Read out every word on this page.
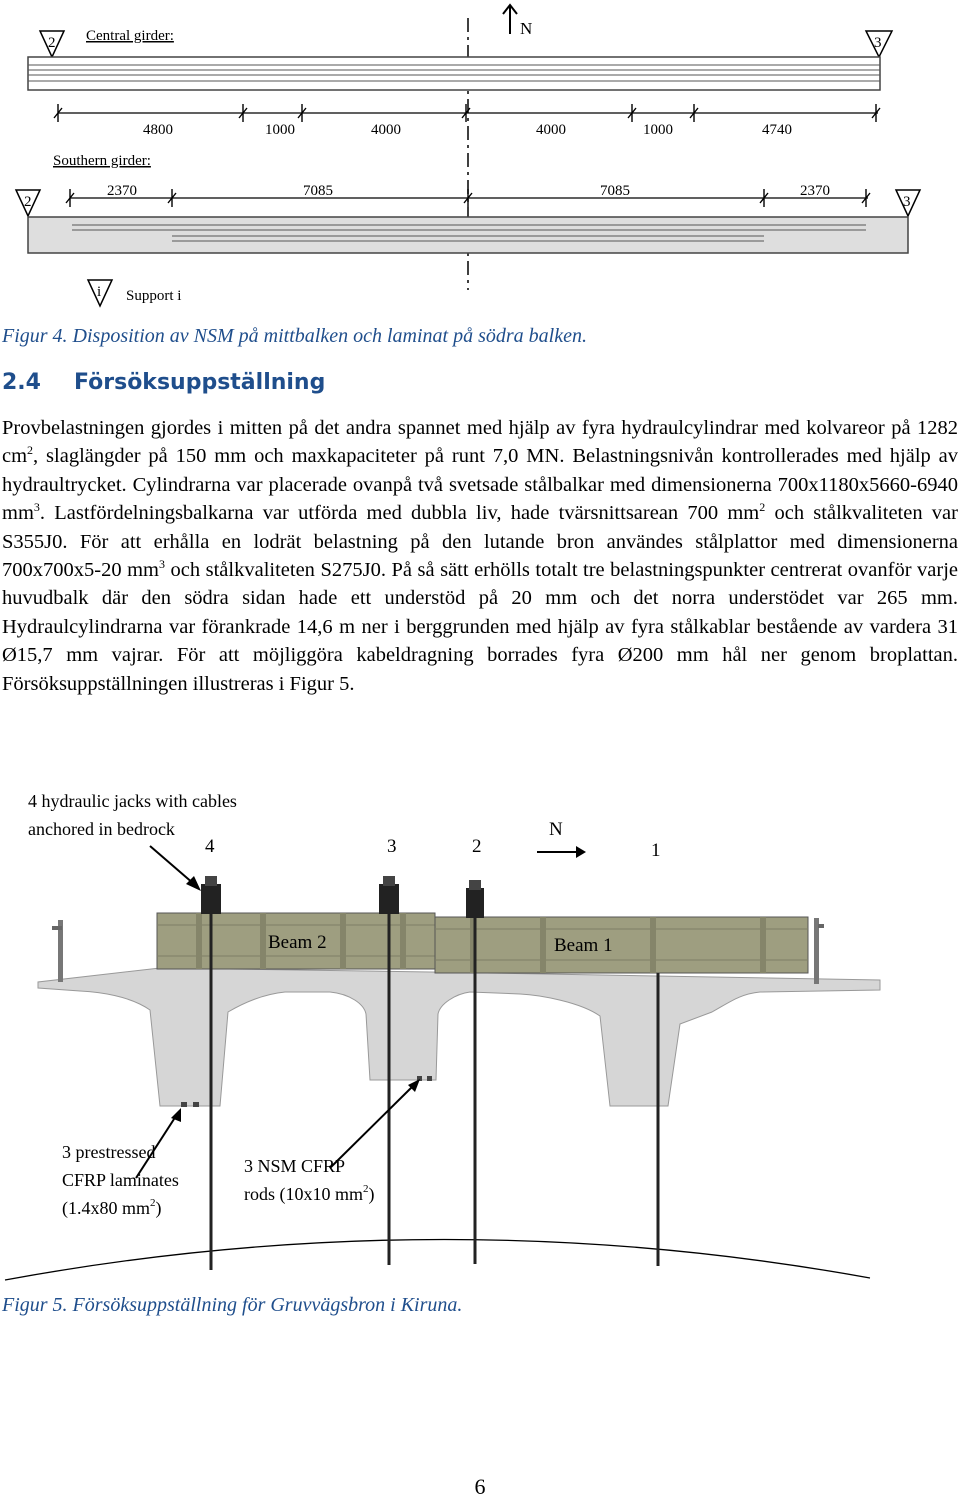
N
2 Central girder:	3
4800	1000	4000	4000	1000	4740
Southern girder:
2370	7085	7085	2370
2	3
i Support i
Figur 4. Disposition av NSM på mittbalken och laminat på södra balken.
2.4 Försöksuppställning

Provbelastningen gjordes i mitten på det andra spannet med hjälp av fyra hydraulcylindrar med kolvareor på 1282 $cm^2$, slaglängder på 150 mm och maxkapaciteter på runt 7,0 MN. Belastningsnivån kontrollerades med hjälp av hydraultrycket. Cylindrarna var placerade ovanpå två svetsade stålbalkar med dimensionerna 700x1180x5660-6940 $mm^3$. Lastfördelningsbalkarna var utförda med dubbla liv, hade tvärsnittsarean 700 $mm^2$ och stålkvaliteten var S355J0. För att erhålla en lodrät belastning på den lutande bron användes stålplattor med dimensionerna 700x700x5-20 $mm^3$ och stålkvaliteten S275J0. På så sätt erhölls totalt tre belastningspunkter centrerat ovanför varje huvudbalk där den södra sidan hade ett understöd på 20 mm och det norra understödet var 265 mm. Hydraulcylindrarna var förankrade 14,6 m ner i berggrunden med hjälp av fyra stålkablar bestående av vardera 31 Ø15,7 mm vajrar. För att möjliggöra kabeldragning borrades fyra Ø200 mm hål ner genom broplattan. Försöksuppställningen illustreras i Figur 5.

Beam 2	Beam 1
4 hydraulic jacks with cables
anchored in bedrock
4	3	2	1
N
3 prestressed
CFRP laminates
(1.4x80 $mm^2$)
3 NSM CFRP
rods (10x10 $mm^2$)
Figur 5. Försöksuppställning för Gruvvägsbron i Kiruna.
6
